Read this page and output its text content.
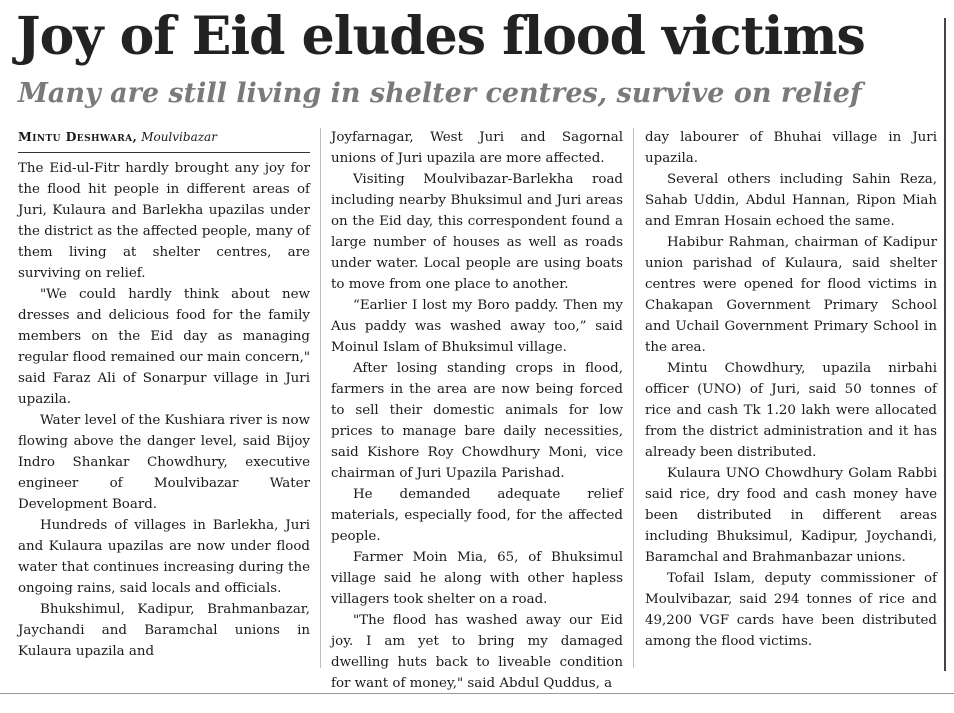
Joy of Eid eludes flood victims
Many are still living in shelter centres, survive on relief
Mintu Deshwara, Moulvibazar

The Eid-ul-Fitr hardly brought any joy for the flood hit people in different areas of Juri, Kulaura and Barlekha upazilas under the district as the affected people, many of them living at shelter centres, are surviving on relief.

"We could hardly think about new dresses and delicious food for the family members on the Eid day as managing regular flood remained our main concern," said Faraz Ali of Sonarpur village in Juri upazila.

Water level of the Kushiara river is now flowing above the danger level, said Bijoy Indro Shankar Chowdhury, executive engineer of Moulvibazar Water Development Board.

Hundreds of villages in Barlekha, Juri and Kulaura upazilas are now under flood water that continues increasing during the ongoing rains, said locals and officials.

Bhukshimul, Kadipur, Brahmanbazar, Jaychandi and Baramchal unions in Kulaura upazila and

Joyfarnagar, West Juri and Sagornal unions of Juri upazila are more affected.

Visiting Moulvibazar-Barlekha road including nearby Bhuksimul and Juri areas on the Eid day, this correspondent found a large number of houses as well as roads under water. Local people are using boats to move from one place to another.

“Earlier I lost my Boro paddy. Then my Aus paddy was washed away too,” said Moinul Islam of Bhuksimul village.

After losing standing crops in flood, farmers in the area are now being forced to sell their domestic animals for low prices to manage bare daily necessities, said Kishore Roy Chowdhury Moni, vice chairman of Juri Upazila Parishad.

He demanded adequate relief materials, especially food, for the affected people.

Farmer Moin Mia, 65, of Bhuksimul village said he along with other hapless villagers took shelter on a road.

"The flood has washed away our Eid joy. I am yet to bring my damaged dwelling huts back to liveable condition for want of money," said Abdul Quddus, a

day labourer of Bhuhai village in Juri upazila.

Several others including Sahin Reza, Sahab Uddin, Abdul Hannan, Ripon Miah and Emran Hosain echoed the same.

Habibur Rahman, chairman of Kadipur union parishad of Kulaura, said shelter centres were opened for flood victims in Chakapan Government Primary School and Uchail Government Primary School in the area.

Mintu Chowdhury, upazila nirbahi officer (UNO) of Juri, said 50 tonnes of rice and cash Tk 1.20 lakh were allocated from the district administration and it has already been distributed.

Kulaura UNO Chowdhury Golam Rabbi said rice, dry food and cash money have been distributed in different areas including Bhuksimul, Kadipur, Joychandi, Baramchal and Brahmanbazar unions.

Tofail Islam, deputy commissioner of Moulvibazar, said 294 tonnes of rice and 49,200 VGF cards have been distributed among the flood victims.
